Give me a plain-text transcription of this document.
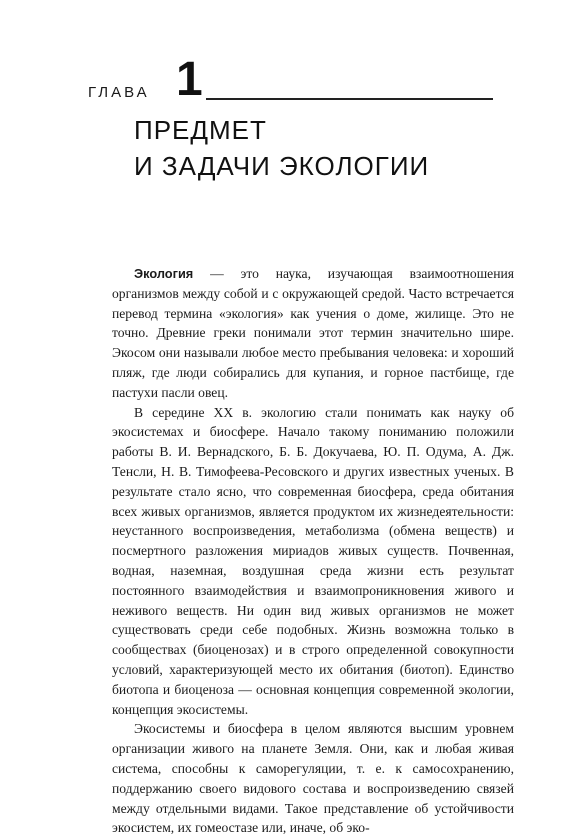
ГЛАВА 1
ПРЕДМЕТ
И ЗАДАЧИ ЭКОЛОГИИ

Экология — это наука, изучающая взаимоотношения организмов между собой и с окружающей средой. Часто встречается перевод термина «экология» как учения о доме, жилище. Это не точно. Древние греки понимали этот термин значительно шире. Экосом они называли любое место пребывания человека: и хороший пляж, где люди собирались для купания, и горное пастбище, где пастухи пасли овец.

В середине XX в. экологию стали понимать как науку об экосистемах и биосфере. Начало такому пониманию положили работы В. И. Вернадского, Б. Б. Докучаева, Ю. П. Одума, А. Дж. Тенсли, Н. В. Тимофеева-Ресовского и других известных ученых. В результате стало ясно, что современная биосфера, среда обитания всех живых организмов, является продуктом их жизнедеятельности: неустанного воспроизведения, метаболизма (обмена веществ) и посмертного разложения мириадов живых существ. Почвенная, водная, наземная, воздушная среда жизни есть результат постоянного взаимодействия и взаимопроникновения живого и неживого веществ. Ни один вид живых организмов не может существовать среди себе подобных. Жизнь возможна только в сообществах (биоценозах) и в строго определенной совокупности условий, характеризующей место их обитания (биотоп). Единство биотопа и биоценоза — основная концепция современной экологии, концепция экосистемы.

Экосистемы и биосфера в целом являются высшим уровнем организации живого на планете Земля. Они, как и любая живая система, способны к саморегуляции, т. е. к самосохранению, поддержанию своего видового состава и воспроизведению связей между отдельными видами. Такое представление об устойчивости экосистем, их гомеостазе или, иначе, об эко-
